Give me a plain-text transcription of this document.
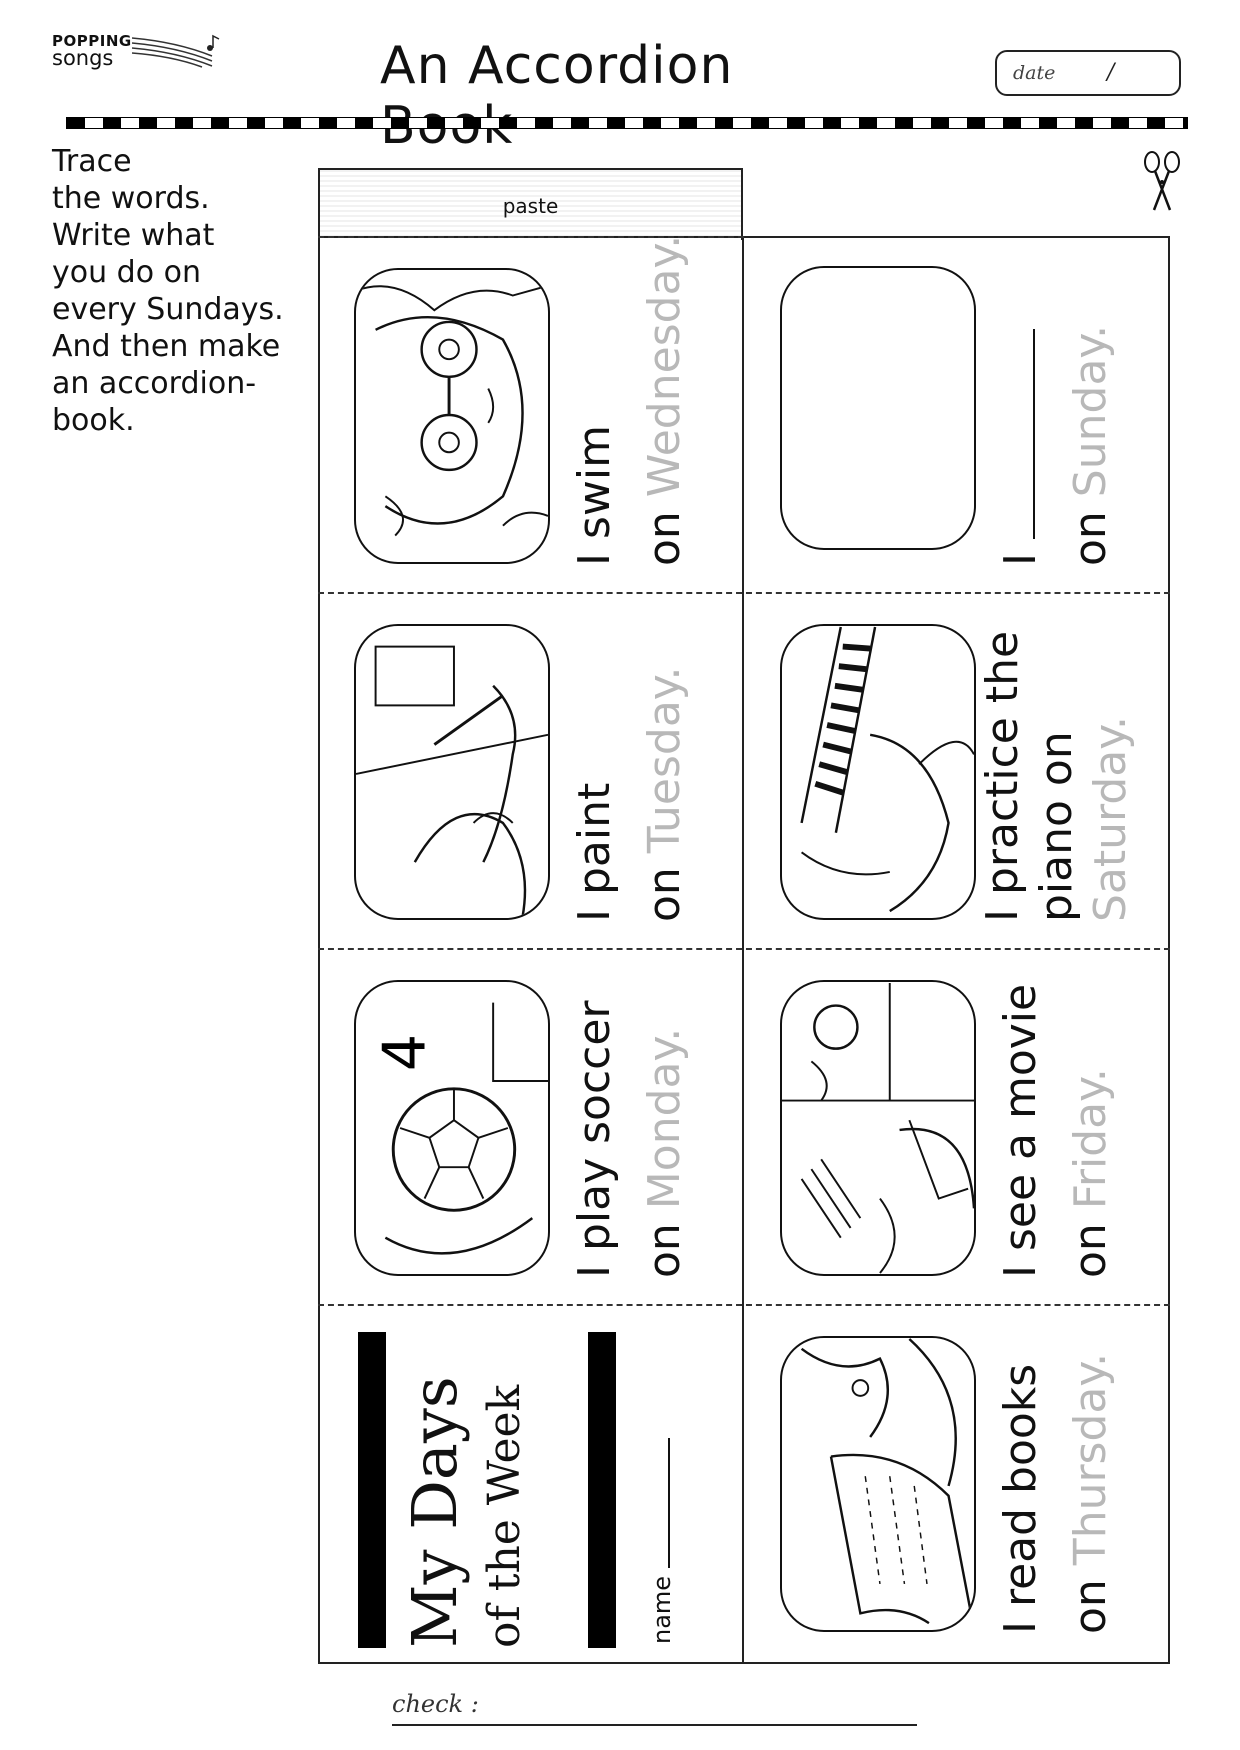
POPPING
songs	An Accordion	date /
Trace
the words.
Write what
you do on
every Sundays.
And then make
an accordion-
book.
paste
I swim on Wednesday.
I paint on Tuesday.
4	I play soccer on Monday.
My Days of the Week	name
I on Sunday.
I practice the piano on Saturday.
I see a movie on Friday.
I read books on Thursday.
check :
